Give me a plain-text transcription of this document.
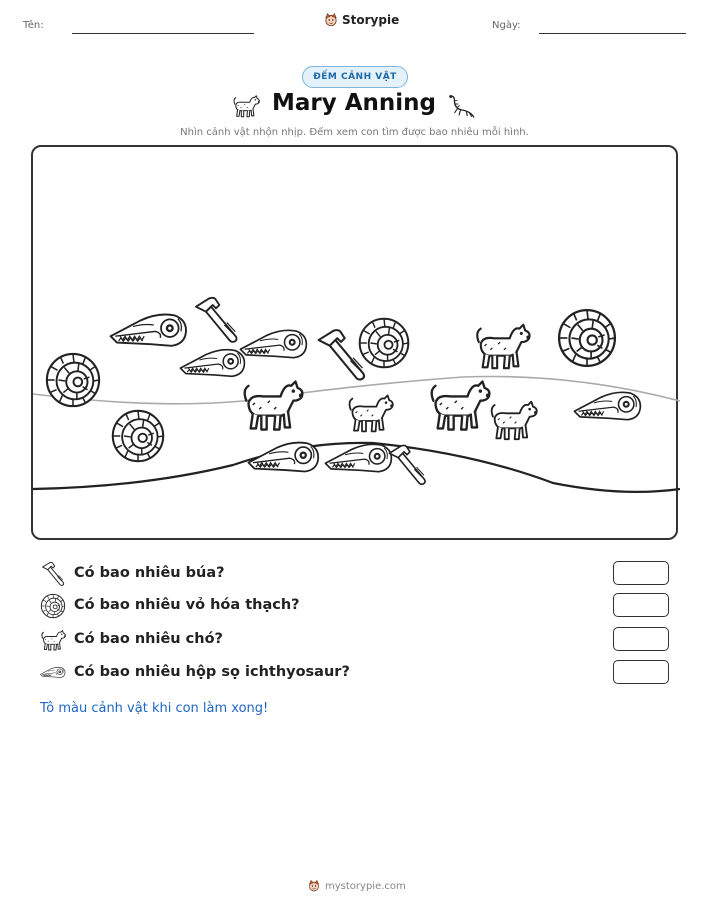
Tên:	Storypie	Ngày:
ĐẾM CẢNH VẬT
Mary Anning
Nhìn cảnh vật nhộn nhịp. Đếm xem con tìm được bao nhiêu mỗi hình.
Có bao nhiêu búa?
Có bao nhiêu vỏ hóa thạch?
Có bao nhiêu chó?
Có bao nhiêu hộp sọ ichthyosaur?
Tô màu cảnh vật khi con làm xong!
mystorypie.com
